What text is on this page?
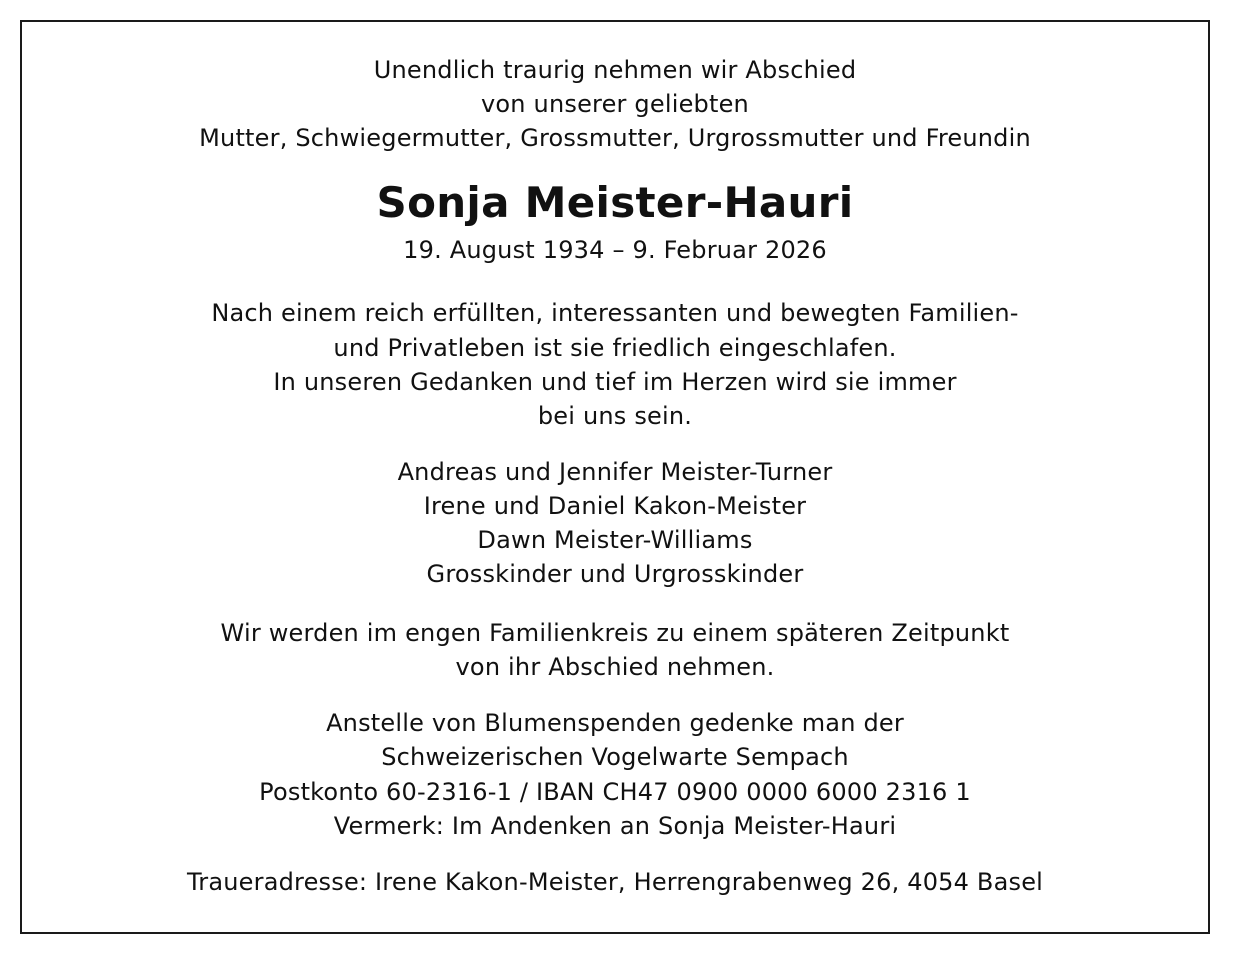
Unendlich traurig nehmen wir Abschied
von unserer geliebten
Mutter, Schwiegermutter, Grossmutter, Urgrossmutter und Freundin
Sonja Meister-Hauri
19. August 1934 – 9. Februar 2026
Nach einem reich erfüllten, interessanten und bewegten Familien-
und Privatleben ist sie friedlich eingeschlafen.
In unseren Gedanken und tief im Herzen wird sie immer
bei uns sein.
Andreas und Jennifer Meister-Turner
Irene und Daniel Kakon-Meister
Dawn Meister-Williams
Grosskinder und Urgrosskinder
Wir werden im engen Familienkreis zu einem späteren Zeitpunkt
von ihr Abschied nehmen.
Anstelle von Blumenspenden gedenke man der
Schweizerischen Vogelwarte Sempach
Postkonto 60-2316-1 / IBAN CH47 0900 0000 6000 2316 1
Vermerk: Im Andenken an Sonja Meister-Hauri
Traueradresse: Irene Kakon-Meister, Herrengrabenweg 26, 4054 Basel
